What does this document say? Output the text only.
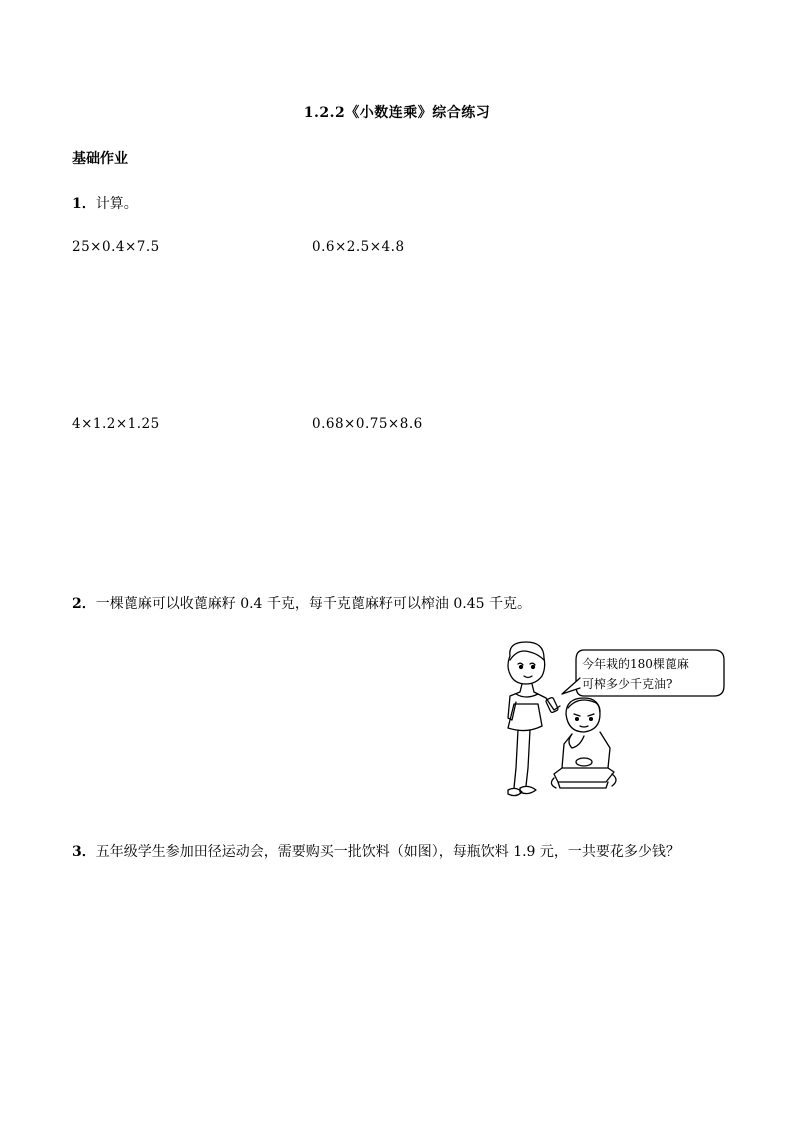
1.2.2《小数连乘》综合练习
基础作业
1．计算。
25×0.4×7.5	0.6×2.5×4.8
4×1.2×1.25	0.68×0.75×8.6
2．一棵蓖麻可以收蓖麻籽 0.4 千克，每千克蓖麻籽可以榨油 0.45 千克。
今年栽的180棵蓖麻
可榨多少千克油?
3．五年级学生参加田径运动会，需要购买一批饮料（如图），每瓶饮料 1.9 元，一共要花多少钱？
